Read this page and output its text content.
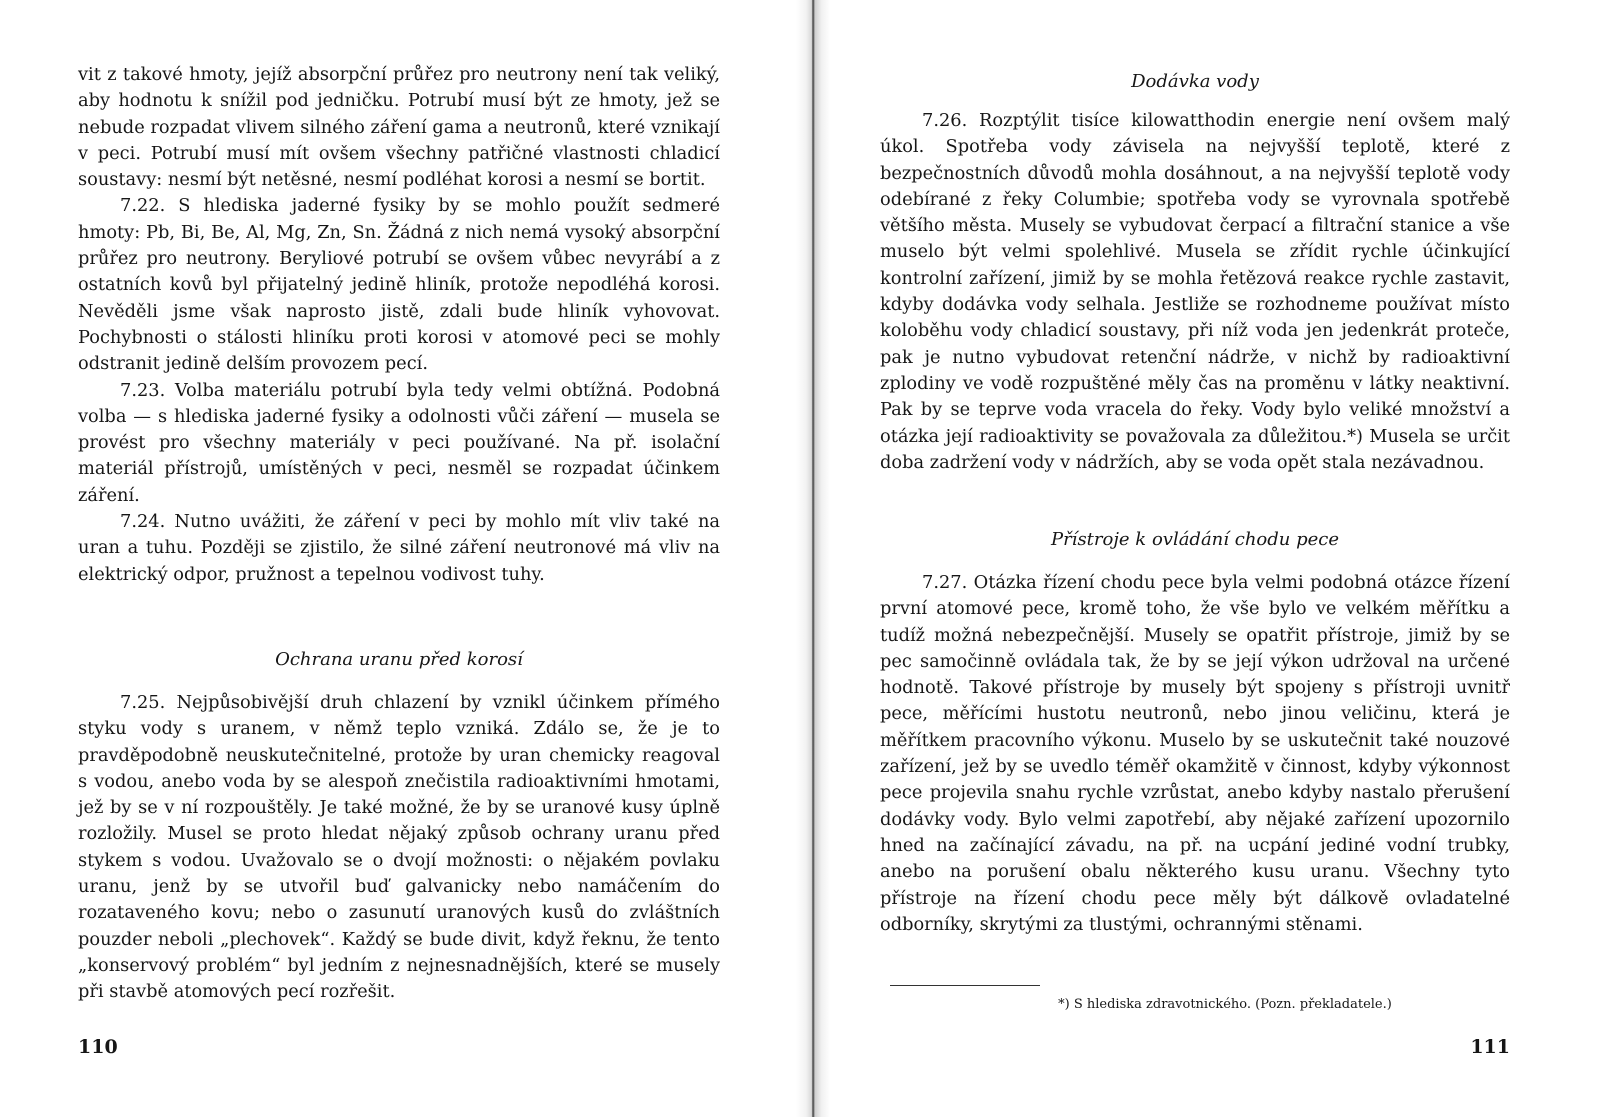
vit z takové hmoty, jejíž absorpční průřez pro neutrony není tak veliký, aby hodnotu k snížil pod jedničku. Potrubí musí být ze hmoty, jež se nebude rozpadat vlivem silného záření gama a neutronů, které vznikají v peci. Potrubí musí mít ovšem všechny patřičné vlastnosti chladicí soustavy: nesmí být netěsné, nesmí podléhat korosi a nesmí se bortit.

7.22. S hlediska jaderné fysiky by se mohlo použít sedmeré hmoty: Pb, Bi, Be, Al, Mg, Zn, Sn. Žádná z nich nemá vysoký absorpční průřez pro neutrony. Beryliové potrubí se ovšem vůbec nevyrábí a z ostatních kovů byl přijatelný jedině hliník, protože nepodléhá korosi. Nevěděli jsme však naprosto jistě, zdali bude hliník vyhovovat. Pochybnosti o stálosti hliníku proti korosi v atomové peci se mohly odstranit jedině delším provozem pecí.

7.23. Volba materiálu potrubí byla tedy velmi obtížná. Podobná volba — s hlediska jaderné fysiky a odolnosti vůči záření — musela se provést pro všechny materiály v peci používané. Na př. isolační materiál přístrojů, umístěných v peci, nesměl se rozpadat účinkem záření.

7.24. Nutno uvážiti, že záření v peci by mohlo mít vliv také na uran a tuhu. Později se zjistilo, že silné záření neutronové má vliv na elektrický odpor, pružnost a tepelnou vodivost tuhy.

Ochrana uranu před korosí

7.25. Nejpůsobivější druh chlazení by vznikl účinkem přímého styku vody s uranem, v němž teplo vzniká. Zdálo se, že je to pravděpodobně neuskutečnitelné, protože by uran chemicky reagoval s vodou, anebo voda by se alespoň znečistila radioaktivními hmotami, jež by se v ní rozpouštěly. Je také možné, že by se uranové kusy úplně rozložily. Musel se proto hledat nějaký způsob ochrany uranu před stykem s vodou. Uvažovalo se o dvojí možnosti: o nějakém povlaku uranu, jenž by se utvořil buď galvanicky nebo namáčením do rozataveného kovu; nebo o zasunutí uranových kusů do zvláštních pouzder neboli „plechovek“. Každý se bude divit, když řeknu, že tento „konservový problém“ byl jedním z nejnesnadnějších, které se musely při stavbě atomových pecí rozřešit.

110
Dodávka vody

7.26. Rozptýlit tisíce kilowatthodin energie není ovšem malý úkol. Spotřeba vody závisela na nejvyšší teplotě, které z bezpečnostních důvodů mohla dosáhnout, a na nejvyšší teplotě vody odebírané z řeky Columbie; spotřeba vody se vyrovnala spotřebě většího města. Musely se vybudovat čerpací a filtrační stanice a vše muselo být velmi spolehlivé. Musela se zřídit rychle účinkující kontrolní zařízení, jimiž by se mohla řetězová reakce rychle zastavit, kdyby dodávka vody selhala. Jestliže se rozhodneme používat místo koloběhu vody chladicí soustavy, při níž voda jen jedenkrát proteče, pak je nutno vybudovat retenční nádrže, v nichž by radioaktivní zplodiny ve vodě rozpuštěné měly čas na proměnu v látky neaktivní. Pak by se teprve voda vracela do řeky. Vody bylo veliké množství a otázka její radioaktivity se považovala za důležitou.*) Musela se určit doba zadržení vody v nádržích, aby se voda opět stala nezávadnou.

Přístroje k ovládání chodu pece

7.27. Otázka řízení chodu pece byla velmi podobná otázce řízení první atomové pece, kromě toho, že vše bylo ve velkém měřítku a tudíž možná nebezpečnější. Musely se opatřit přístroje, jimiž by se pec samočinně ovládala tak, že by se její výkon udržoval na určené hodnotě. Takové přístroje by musely být spojeny s přístroji uvnitř pece, měřícími hustotu neutronů, nebo jinou veličinu, která je měřítkem pracovního výkonu. Muselo by se uskutečnit také nouzové zařízení, jež by se uvedlo téměř okamžitě v činnost, kdyby výkonnost pece projevila snahu rychle vzrůstat, anebo kdyby nastalo přerušení dodávky vody. Bylo velmi zapotřebí, aby nějaké zařízení upozornilo hned na začínající závadu, na př. na ucpání jediné vodní trubky, anebo na porušení obalu některého kusu uranu. Všechny tyto přístroje na řízení chodu pece měly být dálkově ovladatelné odborníky, skrytými za tlustými, ochrannými stěnami.

*) S hlediska zdravotnického. (Pozn. překladatele.)
111
